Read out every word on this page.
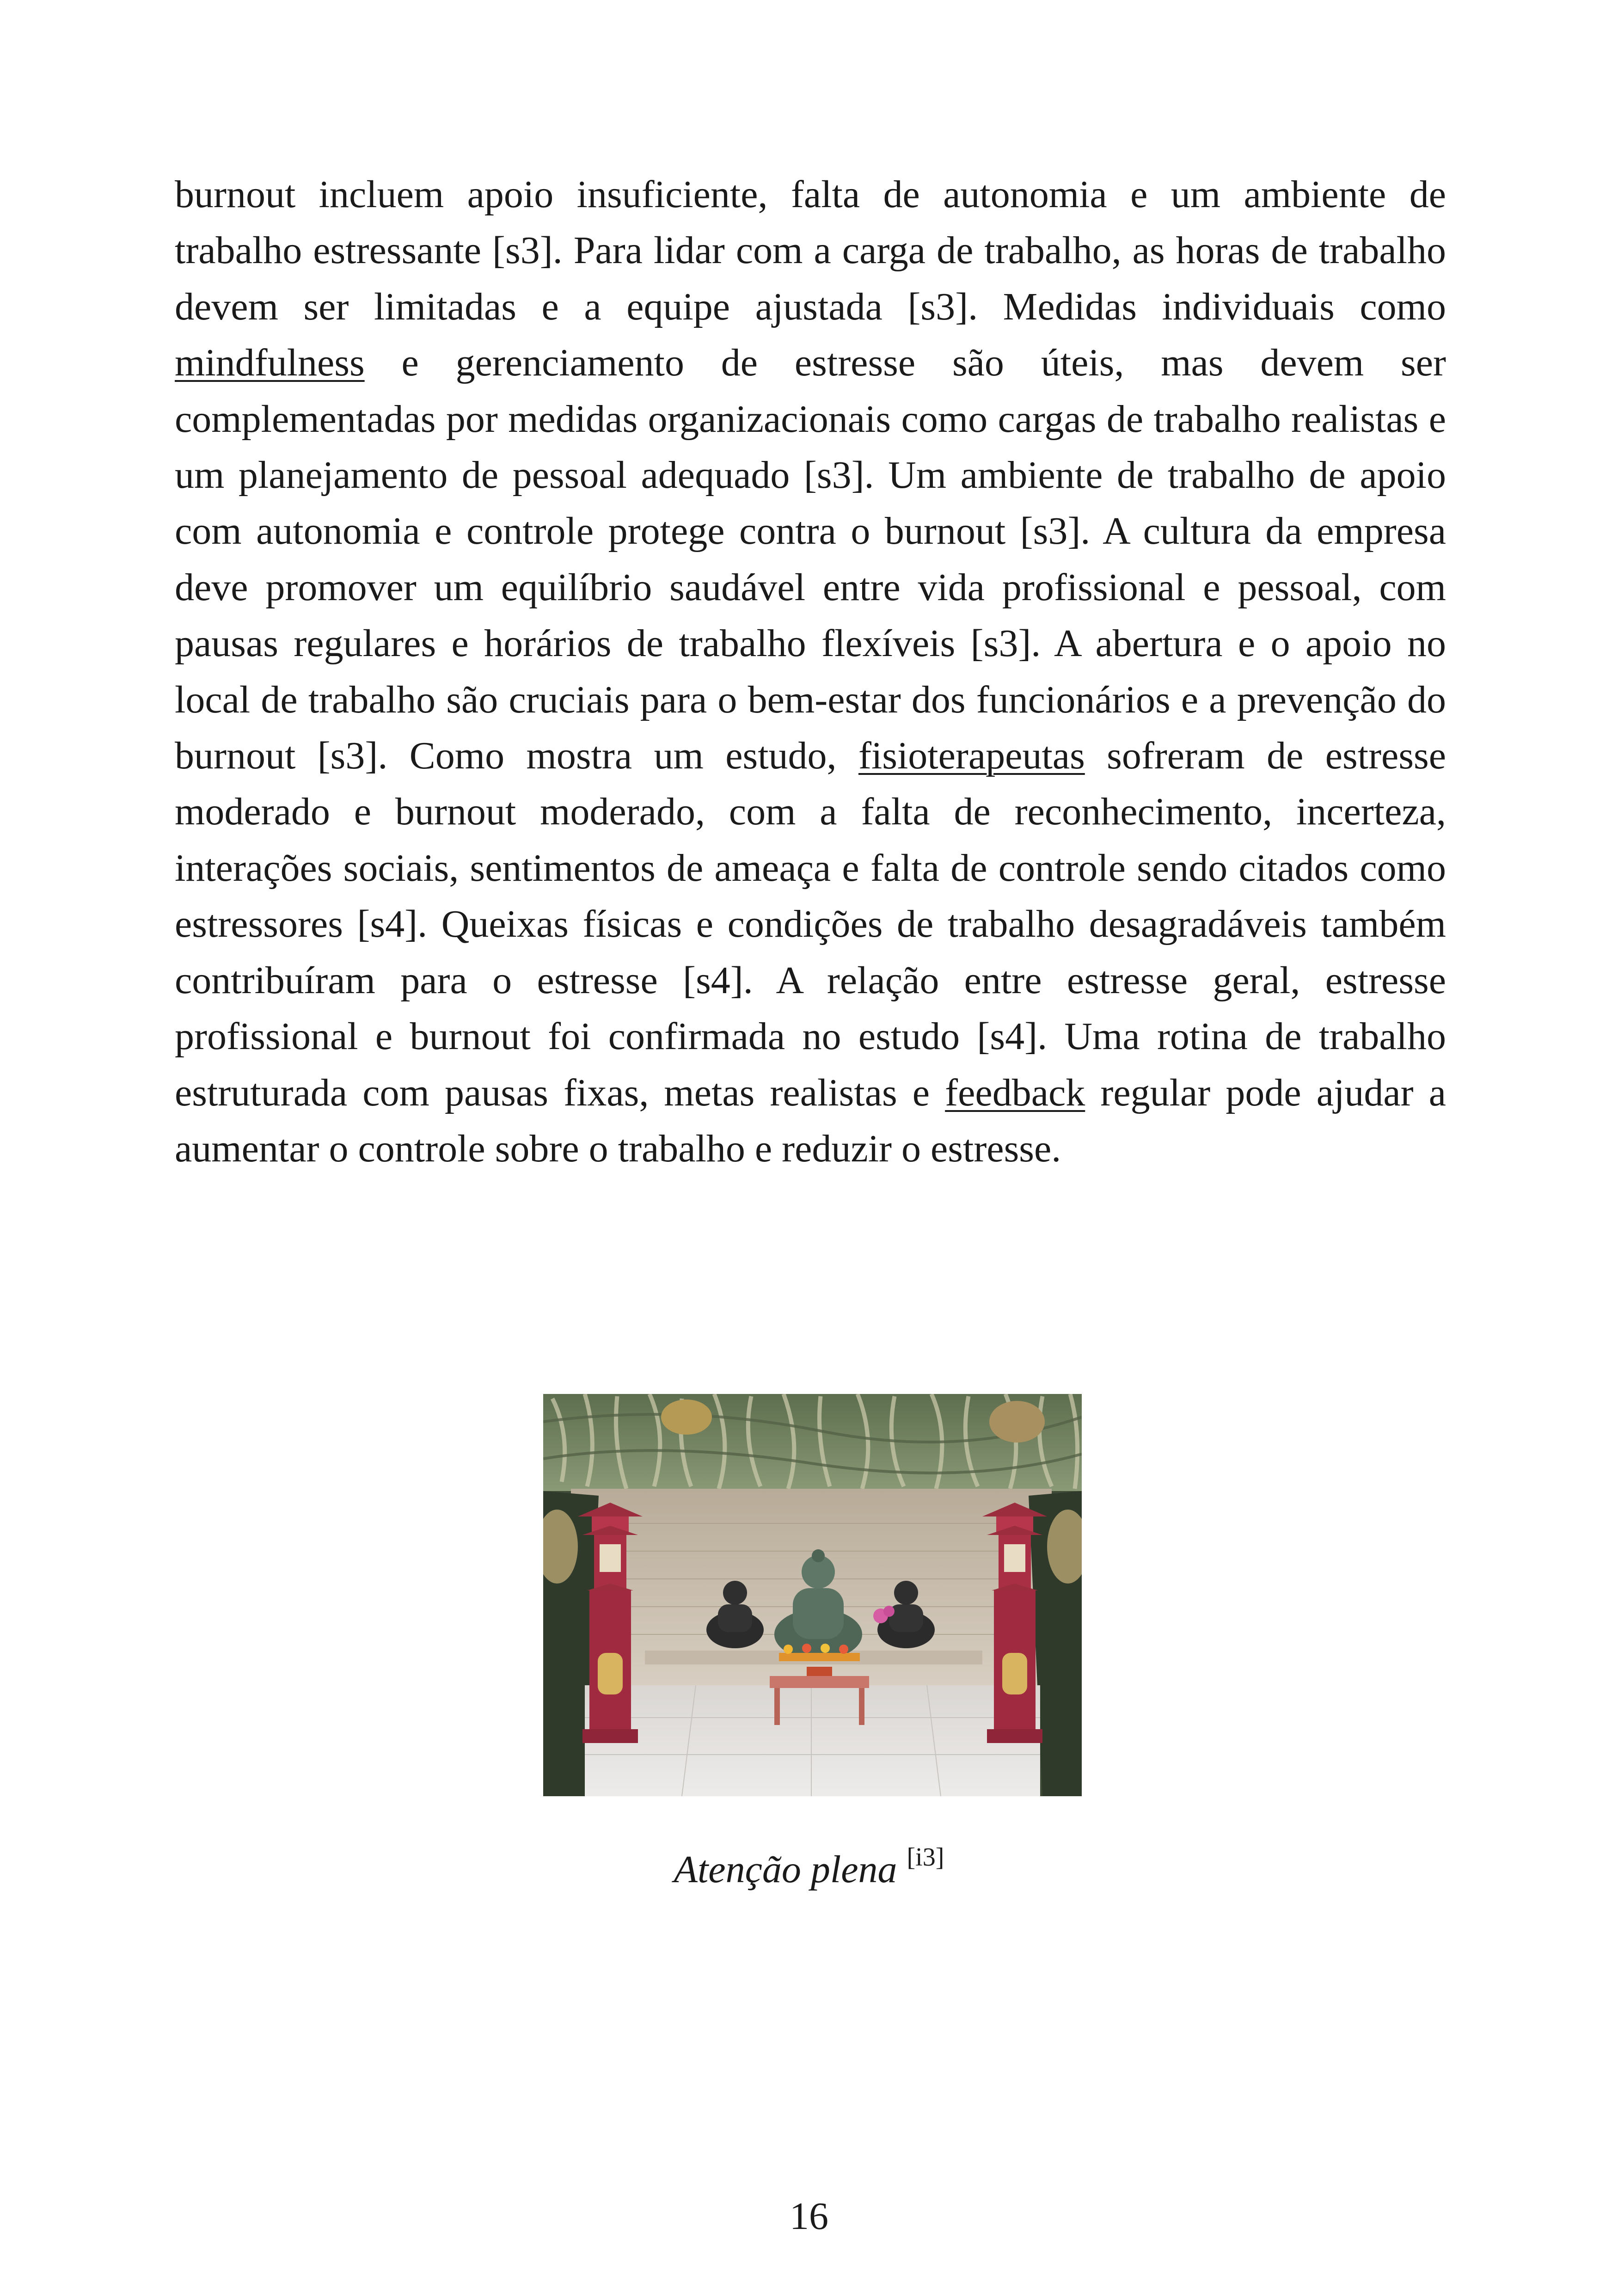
burnout incluem apoio insuficiente, falta de autonomia e um ambiente de trabalho estressante [s3]. Para lidar com a carga de trabalho, as horas de trabalho devem ser limitadas e a equipe ajustada [s3]. Medidas individuais como mindfulness e gerenciamento de estresse são úteis, mas devem ser complementadas por medidas organizacionais como cargas de trabalho realistas e um planejamento de pessoal adequado [s3]. Um ambiente de trabalho de apoio com autonomia e controle protege contra o burnout [s3]. A cultura da empresa deve promover um equilíbrio saudável entre vida profissional e pessoal, com pausas regulares e horários de trabalho flexíveis [s3]. A abertura e o apoio no local de trabalho são cruciais para o bem-estar dos funcionários e a prevenção do burnout [s3]. Como mostra um estudo, fisioterapeutas sofreram de estresse moderado e burnout moderado, com a falta de reconhecimento, incerteza, interações sociais, sentimentos de ameaça e falta de controle sendo citados como estressores [s4]. Queixas físicas e condições de trabalho desagradáveis também contribuíram para o estresse [s4]. A relação entre estresse geral, estresse profissional e burnout foi confirmada no estudo [s4]. Uma rotina de trabalho estruturada com pausas fixas, metas realistas e feedback regular pode ajudar a aumentar o controle sobre o trabalho e reduzir o estresse.

Atenção plena [i3]
16
